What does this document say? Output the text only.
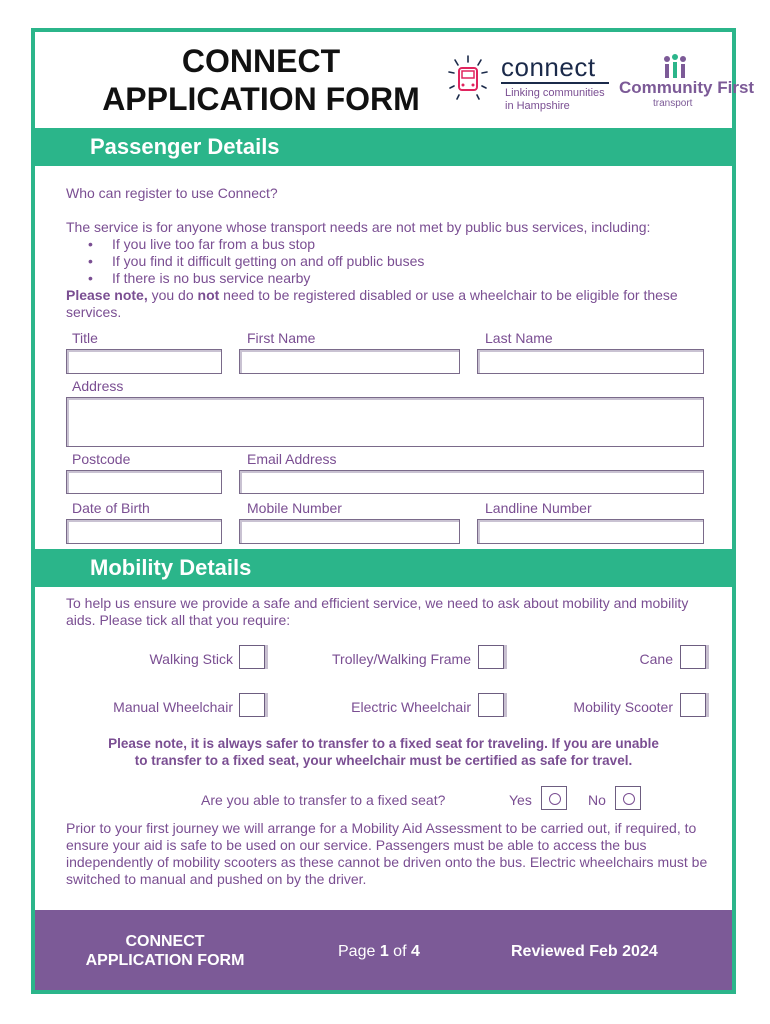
CONNECT
APPLICATION FORM
connect
Linking communities
in Hampshire
Community First
transport
Passenger Details
Who can register to use Connect?
The service is for anyone whose transport needs are not met by public bus services, including:
• If you live too far from a bus stop
• If you find it difficult getting on and off public buses
• If there is no bus service nearby
Please note, you do not need to be registered disabled or use a wheelchair to be eligible for these services.
Title	First Name	Last Name
Address
Postcode	Email Address
Date of Birth	Mobile Number	Landline Number
Mobility Details
To help us ensure we provide a safe and efficient service, we need to ask about mobility and mobility aids. Please tick all that you require:
Walking Stick	Trolley/Walking Frame	Cane
Manual Wheelchair	Electric Wheelchair	Mobility Scooter
Please note, it is always safer to transfer to a fixed seat for traveling. If you are unable
to transfer to a fixed seat, your wheelchair must be certified as safe for travel.
Are you able to transfer to a fixed seat?	Yes	No
Prior to your first journey we will arrange for a Mobility Aid Assessment to be carried out, if required, to ensure your aid is safe to be used on our service. Passengers must be able to access the bus independently of mobility scooters as these cannot be driven onto the bus. Electric wheelchairs must be switched to manual and pushed on by the driver.
CONNECT
APPLICATION FORM
Page 1 of 4	Reviewed Feb 2024
